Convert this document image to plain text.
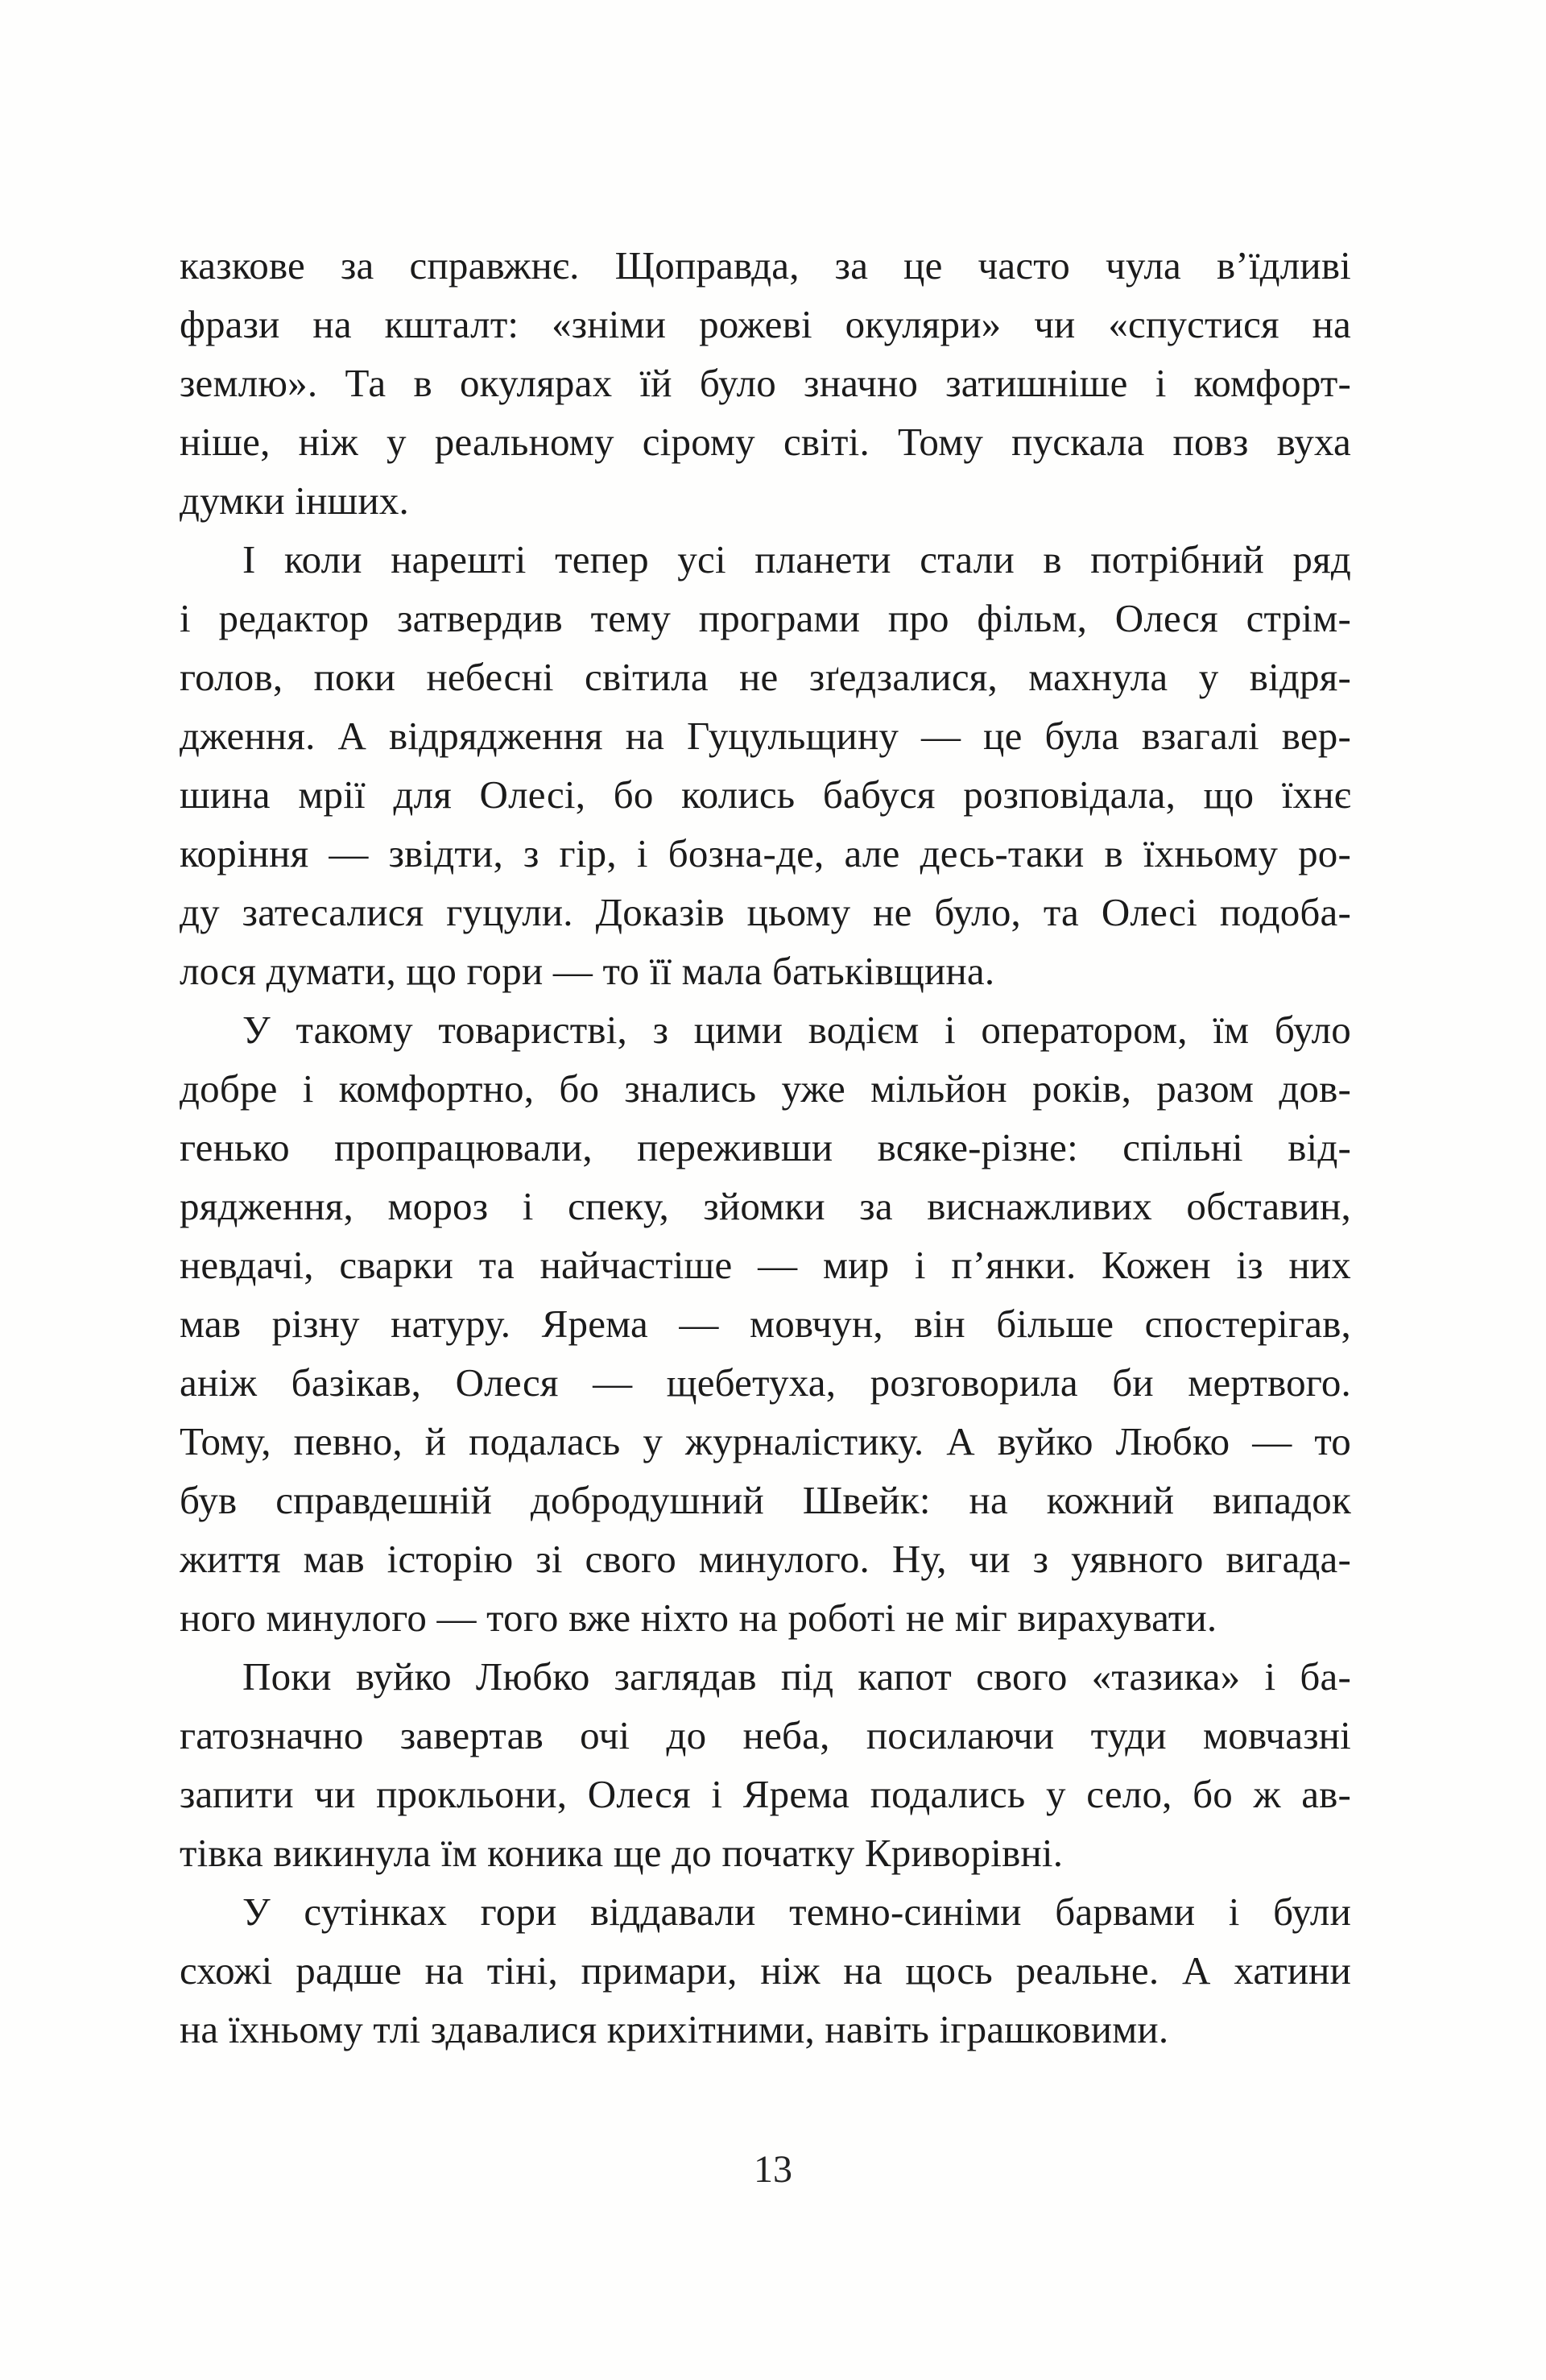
казкове за справжнє. Щоправда, за це часто чула в’їдливі
фрази на кшталт: «зніми рожеві окуляри» чи «спустися на
землю». Та в окулярах їй було значно затишніше і комфорт-
ніше, ніж у реальному сірому світі. Тому пускала повз вуха
думки інших.
І коли нарешті тепер усі планети стали в потрібний ряд
і редактор затвердив тему програми про фільм, Олеся стрім-
голов, поки небесні світила не зґедзалися, махнула у відря-
дження. А відрядження на Гуцульщину — це була взагалі вер-
шина мрії для Олесі, бо колись бабуся розповідала, що їхнє
коріння — звідти, з гір, і бозна-де, але десь-таки в їхньому ро-
ду затесалися гуцули. Доказів цьому не було, та Олесі подоба-
лося думати, що гори — то її мала батьківщина.
У такому товаристві, з цими водієм і оператором, їм було
добре і комфортно, бо знались уже мільйон років, разом дов-
генько пропрацювали, переживши всяке-різне: спільні від-
рядження, мороз і спеку, зйомки за виснажливих обставин,
невдачі, сварки та найчастіше — мир і п’янки. Кожен із них
мав різну натуру. Ярема — мовчун, він більше спостерігав,
аніж базікав, Олеся — щебетуха, розговорила би мертвого.
Тому, певно, й подалась у журналістику. А вуйко Любко — то
був справдешній добродушний Швейк: на кожний випадок
життя мав історію зі свого минулого. Ну, чи з уявного вигада-
ного минулого — того вже ніхто на роботі не міг вирахувати.
Поки вуйко Любко заглядав під капот свого «тазика» і ба-
гатозначно завертав очі до неба, посилаючи туди мовчазні
запити чи прокльони, Олеся і Ярема подались у село, бо ж ав-
тівка викинула їм коника ще до початку Криворівні.
У сутінках гори віддавали темно-синіми барвами і були
схожі радше на тіні, примари, ніж на щось реальне. А хатини
на їхньому тлі здавалися крихітними, навіть іграшковими.
13
